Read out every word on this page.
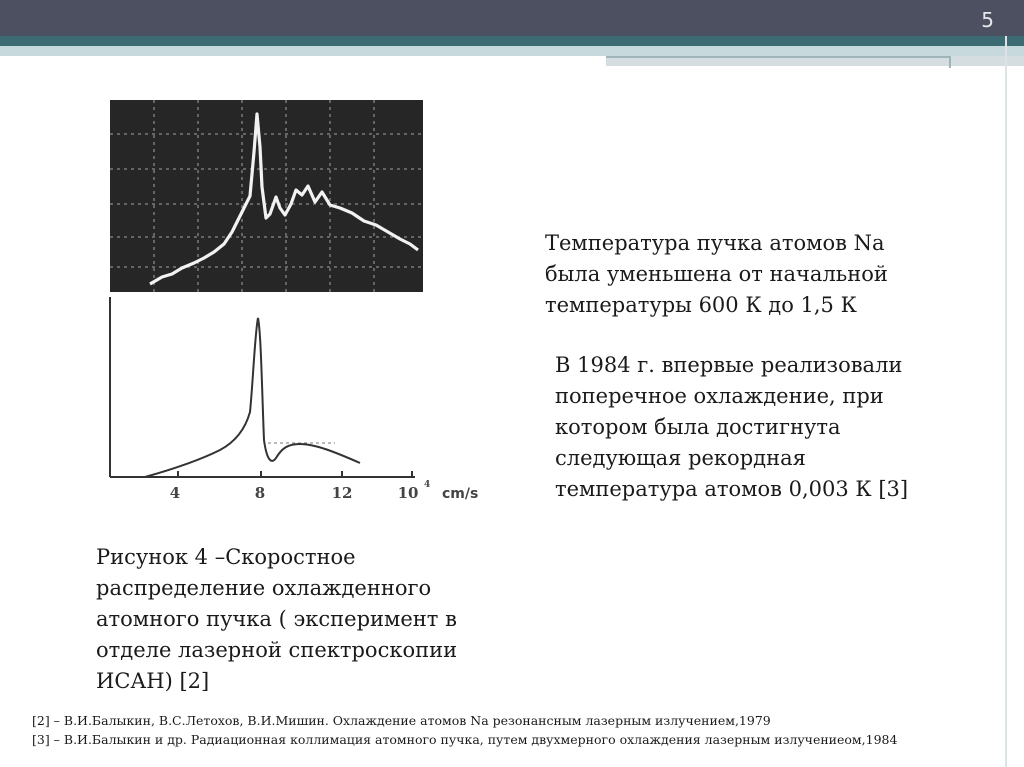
5
4	8	12	10 4
cm/s
Температура пучка атомов Na
была уменьшена от начальной
температуры 600 К до 1,5 К
В 1984 г. впервые реализовали
поперечное охлаждение, при
котором была достигнута
следующая рекордная
температура атомов 0,003 К [3]
Рисунок 4 –Скоростное
распределение охлажденного
атомного пучка ( эксперимент в
отделе лазерной спектроскопии
ИСАН) [2]
[2] – В.И.Балыкин, В.С.Летохов, В.И.Мишин. Охлаждение атомов Na резонансным лазерным излучением,1979
[3] – В.И.Балыкин и др. Радиационная коллимация атомного пучка, путем двухмерного охлаждения лазерным излучениеом,1984
